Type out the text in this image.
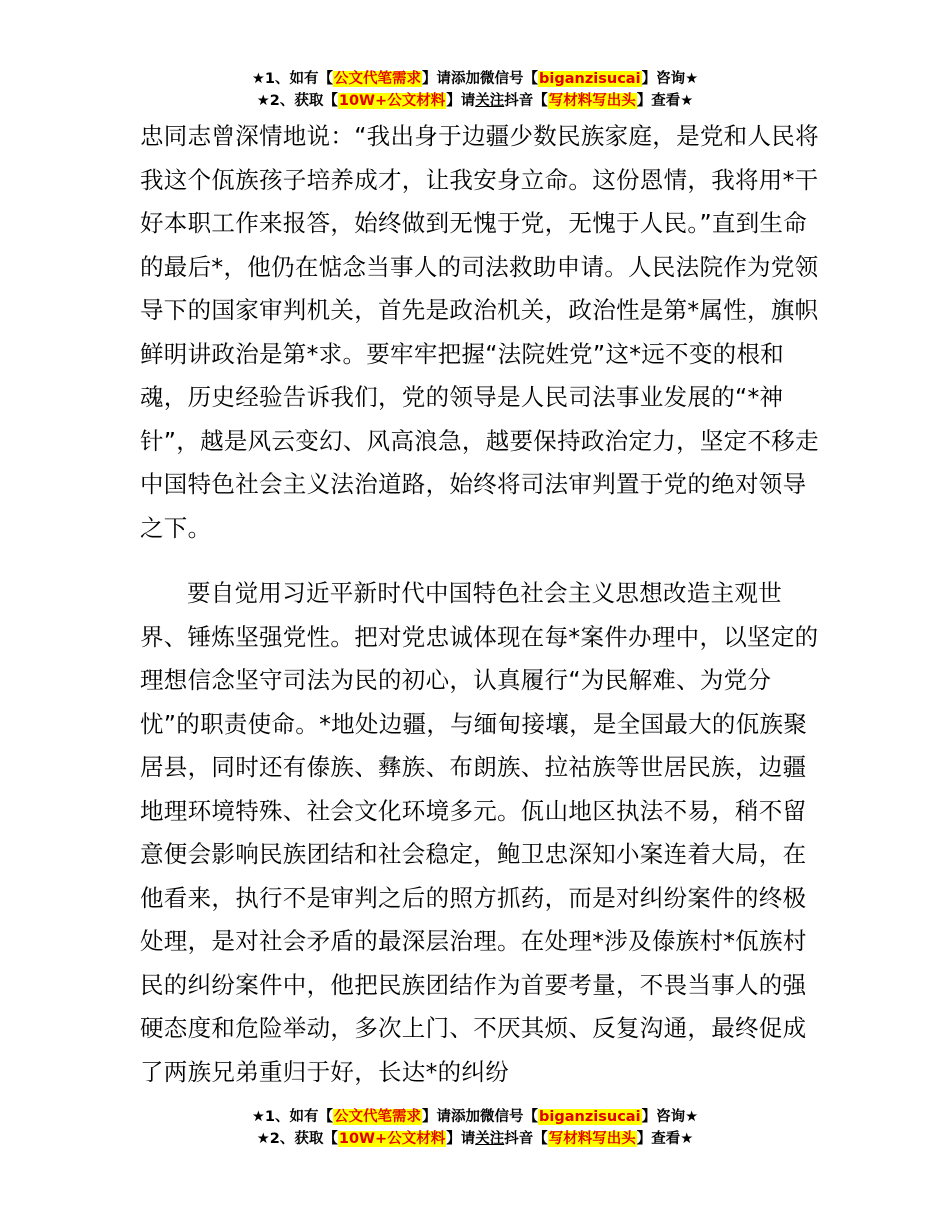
★1、如有【公文代笔需求】请添加微信号【biganzisucai】咨询★
★2、获取【10W+公文材料】请关注抖音【写材料写出头】查看★

忠同志曾深情地说：“我出身于边疆少数民族家庭，是党和人民将我这个佤族孩子培养成才，让我安身立命。这份恩情，我将用*干好本职工作来报答，始终做到无愧于党，无愧于人民。”直到生命的最后*，他仍在惦念当事人的司法救助申请。人民法院作为党领导下的国家审判机关，首先是政治机关，政治性是第*属性，旗帜鲜明讲政治是第*求。要牢牢把握“法院姓党”这*远不变的根和魂，历史经验告诉我们，党的领导是人民司法事业发展的“*神针”，越是风云变幻、风高浪急，越要保持政治定力，坚定不移走中国特色社会主义法治道路，始终将司法审判置于党的绝对领导之下。

要自觉用习近平新时代中国特色社会主义思想改造主观世界、锤炼坚强党性。把对党忠诚体现在每*案件办理中，以坚定的理想信念坚守司法为民的初心，认真履行“为民解难、为党分忧”的职责使命。*地处边疆，与缅甸接壤，是全国最大的佤族聚居县，同时还有傣族、彝族、布朗族、拉祜族等世居民族，边疆地理环境特殊、社会文化环境多元。佤山地区执法不易，稍不留意便会影响民族团结和社会稳定，鲍卫忠深知小案连着大局，在他看来，执行不是审判之后的照方抓药，而是对纠纷案件的终极处理，是对社会矛盾的最深层治理。在处理*涉及傣族村*佤族村民的纠纷案件中，他把民族团结作为首要考量，不畏当事人的强硬态度和危险举动，多次上门、不厌其烦、反复沟通，最终促成了两族兄弟重归于好，长达*的纠纷

★1、如有【公文代笔需求】请添加微信号【biganzisucai】咨询★
★2、获取【10W+公文材料】请关注抖音【写材料写出头】查看★
